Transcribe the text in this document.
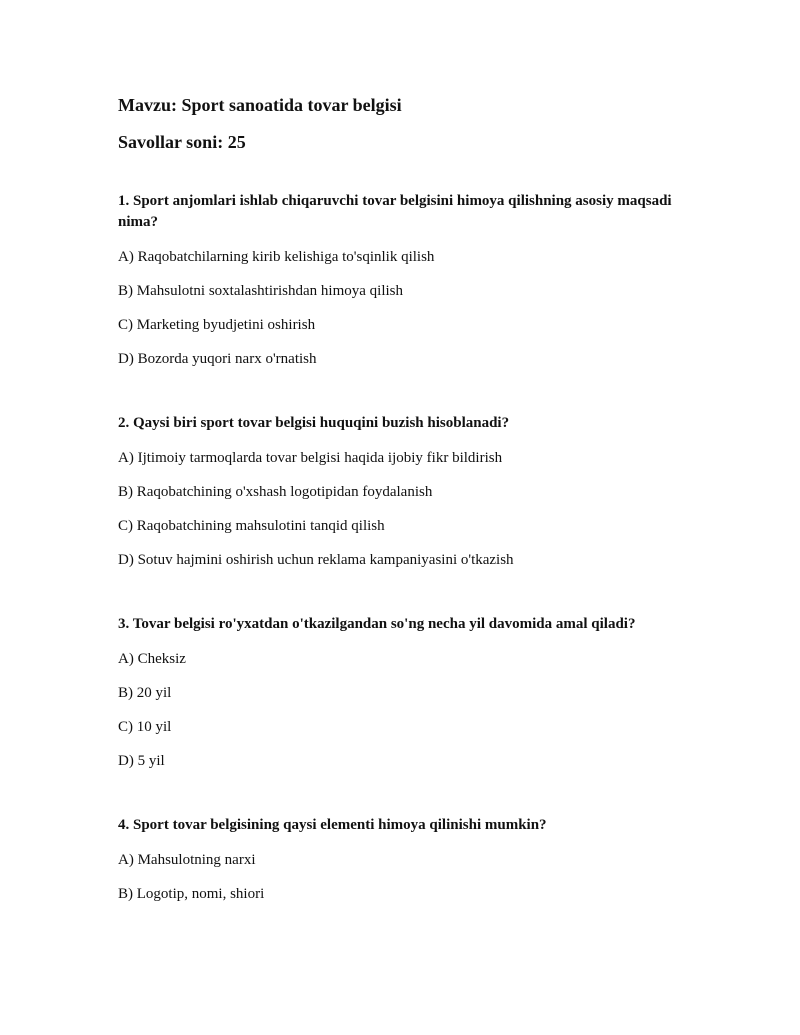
Mavzu: Sport sanoatida tovar belgisi
Savollar soni: 25

1. Sport anjomlari ishlab chiqaruvchi tovar belgisini himoya qilishning asosiy maqsadi nima?

A) Raqobatchilarning kirib kelishiga to'sqinlik qilish
B) Mahsulotni soxtalashtirishdan himoya qilish
C) Marketing byudjetini oshirish
D) Bozorda yuqori narx o'rnatish

2. Qaysi biri sport tovar belgisi huquqini buzish hisoblanadi?

A) Ijtimoiy tarmoqlarda tovar belgisi haqida ijobiy fikr bildirish
B) Raqobatchining o'xshash logotipidan foydalanish
C) Raqobatchining mahsulotini tanqid qilish
D) Sotuv hajmini oshirish uchun reklama kampaniyasini o'tkazish

3. Tovar belgisi ro'yxatdan o'tkazilgandan so'ng necha yil davomida amal qiladi?

A) Cheksiz
B) 20 yil
C) 10 yil
D) 5 yil

4. Sport tovar belgisining qaysi elementi himoya qilinishi mumkin?

A) Mahsulotning narxi
B) Logotip, nomi, shiori
